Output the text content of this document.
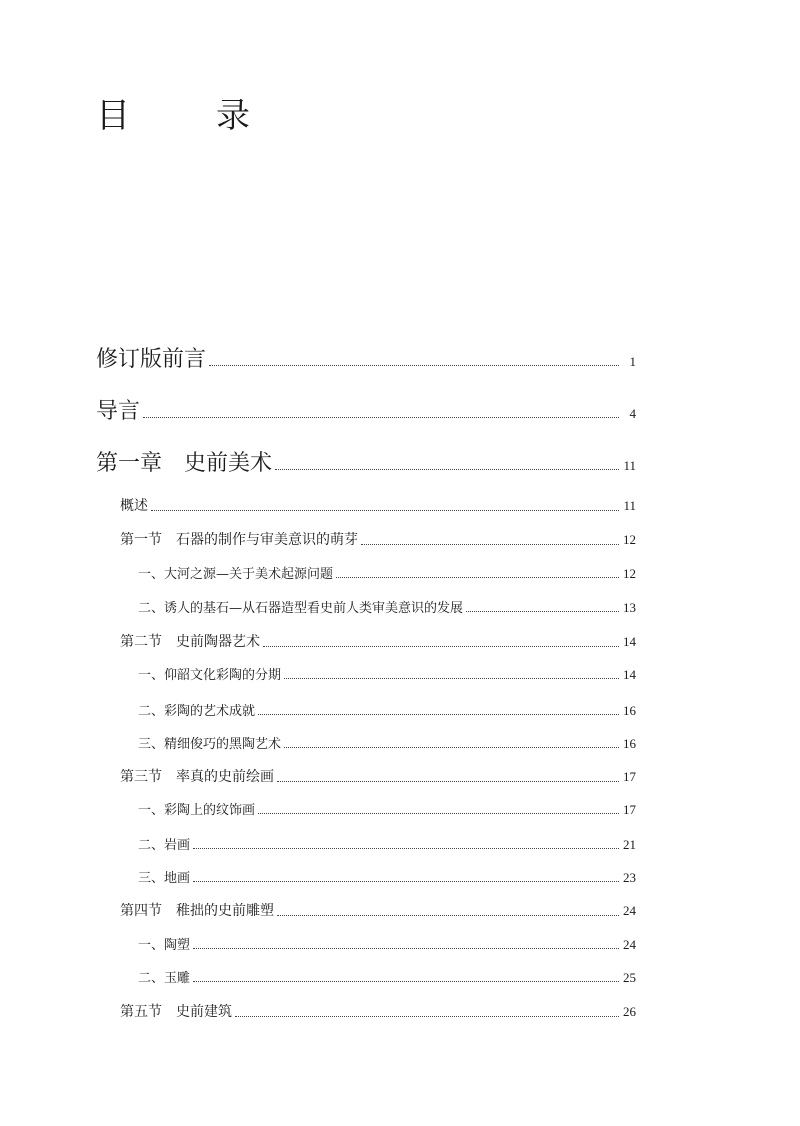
目　录
修订版前言	1
导言	4
第一章　史前美术	11
概述	11
第一节　石器的制作与审美意识的萌芽	12
一、大河之源—关于美术起源问题	12
二、诱人的基石—从石器造型看史前人类审美意识的发展	13
第二节　史前陶器艺术	14
一、仰韶文化彩陶的分期	14
二、彩陶的艺术成就	16
三、精细俊巧的黑陶艺术	16
第三节　率真的史前绘画	17
一、彩陶上的纹饰画	17
二、岩画	21
三、地画	23
第四节　稚拙的史前雕塑	24
一、陶塑	24
二、玉雕	25
第五节　史前建筑	26
